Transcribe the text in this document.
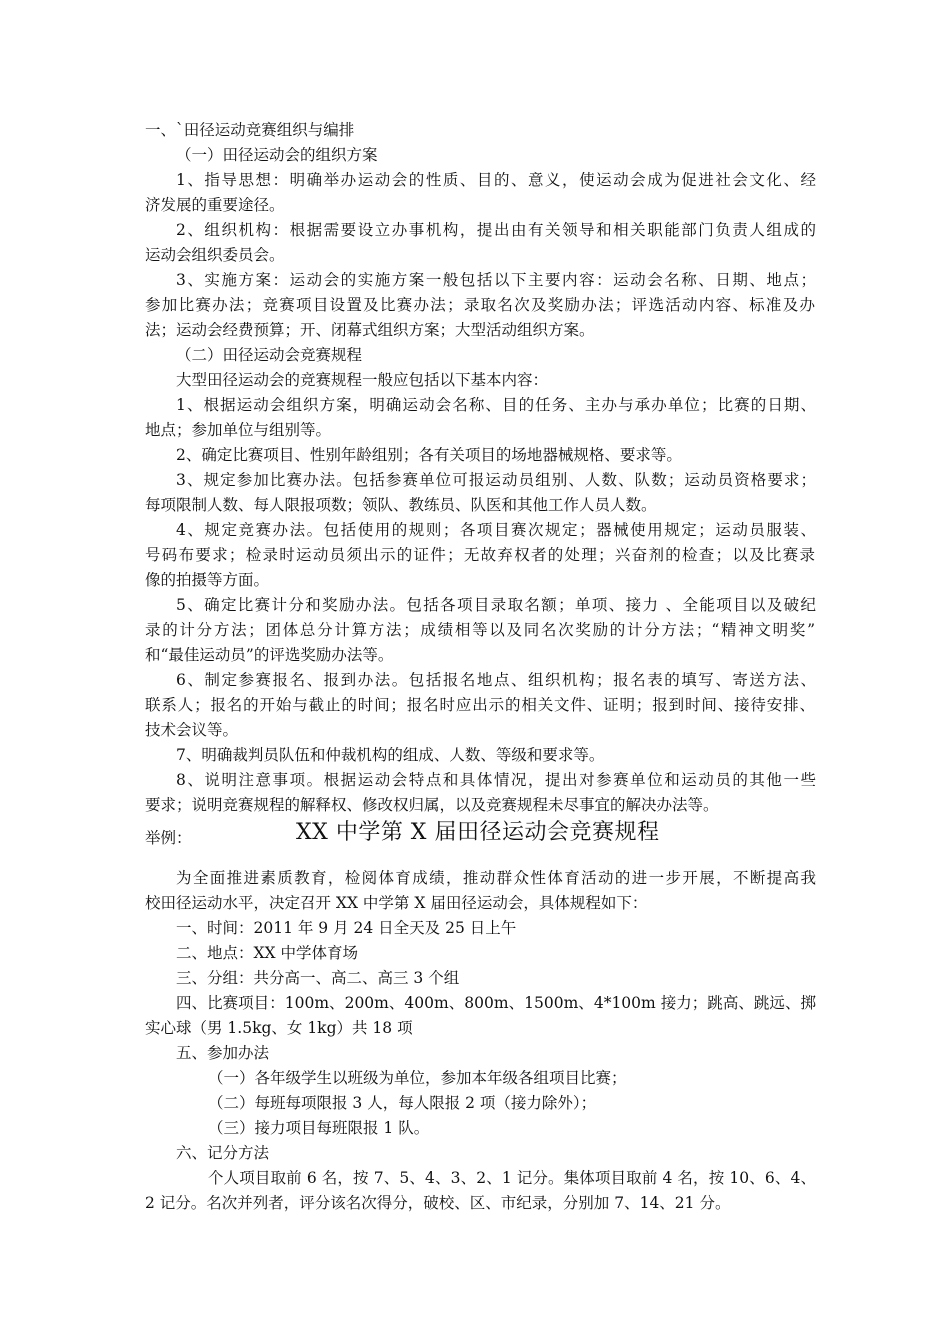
一、`田径运动竞赛组织与编排
（一）田径运动会的组织方案
1、指导思想：明确举办运动会的性质、目的、意义，使运动会成为促进社会文化、经
济发展的重要途径。
2、组织机构：根据需要设立办事机构，提出由有关领导和相关职能部门负责人组成的
运动会组织委员会。
3、实施方案：运动会的实施方案一般包括以下主要内容：运动会名称、日期、地点；
参加比赛办法；竞赛项目设置及比赛办法；录取名次及奖励办法；评选活动内容、标准及办
法；运动会经费预算；开、闭幕式组织方案；大型活动组织方案。
（二）田径运动会竞赛规程
大型田径运动会的竞赛规程一般应包括以下基本内容：
1、根据运动会组织方案，明确运动会名称、目的任务、主办与承办单位；比赛的日期、
地点；参加单位与组别等。
2、确定比赛项目、性别年龄组别；各有关项目的场地器械规格、要求等。
3、规定参加比赛办法。包括参赛单位可报运动员组别、人数、队数；运动员资格要求；
每项限制人数、每人限报项数；领队、教练员、队医和其他工作人员人数。
4、规定竞赛办法。包括使用的规则；各项目赛次规定；器械使用规定；运动员服装、
号码布要求；检录时运动员须出示的证件；无故弃权者的处理；兴奋剂的检查；以及比赛录
像的拍摄等方面。
5、确定比赛计分和奖励办法。包括各项目录取名额；单项、接力 、全能项目以及破纪
录的计分方法；团体总分计算方法；成绩相等以及同名次奖励的计分方法；“精神文明奖”
和“最佳运动员”的评选奖励办法等。
6、制定参赛报名、报到办法。包括报名地点、组织机构；报名表的填写、寄送方法、
联系人；报名的开始与截止的时间；报名时应出示的相关文件、证明；报到时间、接待安排、
技术会议等。
7、明确裁判员队伍和仲裁机构的组成、人数、等级和要求等。
8、说明注意事项。根据运动会特点和具体情况，提出对参赛单位和运动员的其他一些
要求；说明竞赛规程的解释权、修改权归属，以及竞赛规程未尽事宜的解决办法等。
举例：	XX 中学第 X 届田径运动会竞赛规程
为全面推进素质教育，检阅体育成绩，推动群众性体育活动的进一步开展，不断提高我
校田径运动水平，决定召开 XX 中学第 X 届田径运动会，具体规程如下：
一、时间：2011 年 9 月 24 日全天及 25 日上午
二、地点：XX 中学体育场
三、分组：共分高一、高二、高三 3 个组
四、比赛项目：100m、200m、400m、800m、1500m、4*100m 接力；跳高、跳远、掷
实心球（男 1.5kg、女 1kg）共 18 项
五、参加办法
（一）各年级学生以班级为单位，参加本年级各组项目比赛；
（二）每班每项限报 3 人，每人限报 2 项（接力除外）；
（三）接力项目每班限报 1 队。
六、记分方法
个人项目取前 6 名，按 7、5、4、3、2、1 记分。集体项目取前 4 名，按 10、6、4、
2 记分。名次并列者，评分该名次得分，破校、区、市纪录，分别加 7、14、21 分。
